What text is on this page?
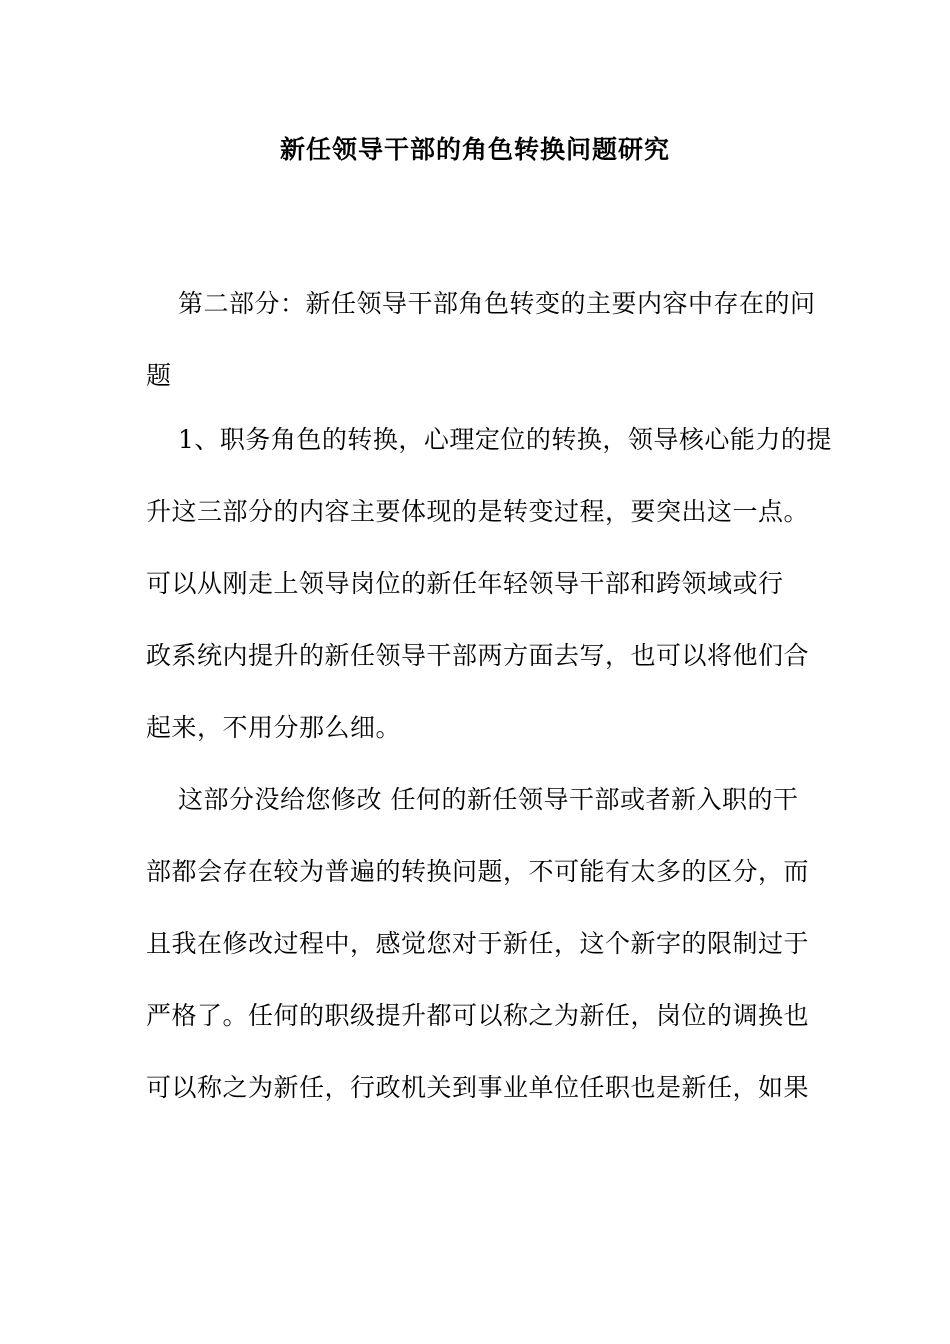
新任领导干部的角色转换问题研究
第二部分：新任领导干部角色转变的主要内容中存在的问
题
1、职务角色的转换，心理定位的转换，领导核心能力的提
升这三部分的内容主要体现的是转变过程，要突出这一点。
可以从刚走上领导岗位的新任年轻领导干部和跨领域或行
政系统内提升的新任领导干部两方面去写，也可以将他们合
起来，不用分那么细。
这部分没给您修改 任何的新任领导干部或者新入职的干
部都会存在较为普遍的转换问题，不可能有太多的区分，而
且我在修改过程中，感觉您对于新任，这个新字的限制过于
严格了。任何的职级提升都可以称之为新任，岗位的调换也
可以称之为新任，行政机关到事业单位任职也是新任，如果
